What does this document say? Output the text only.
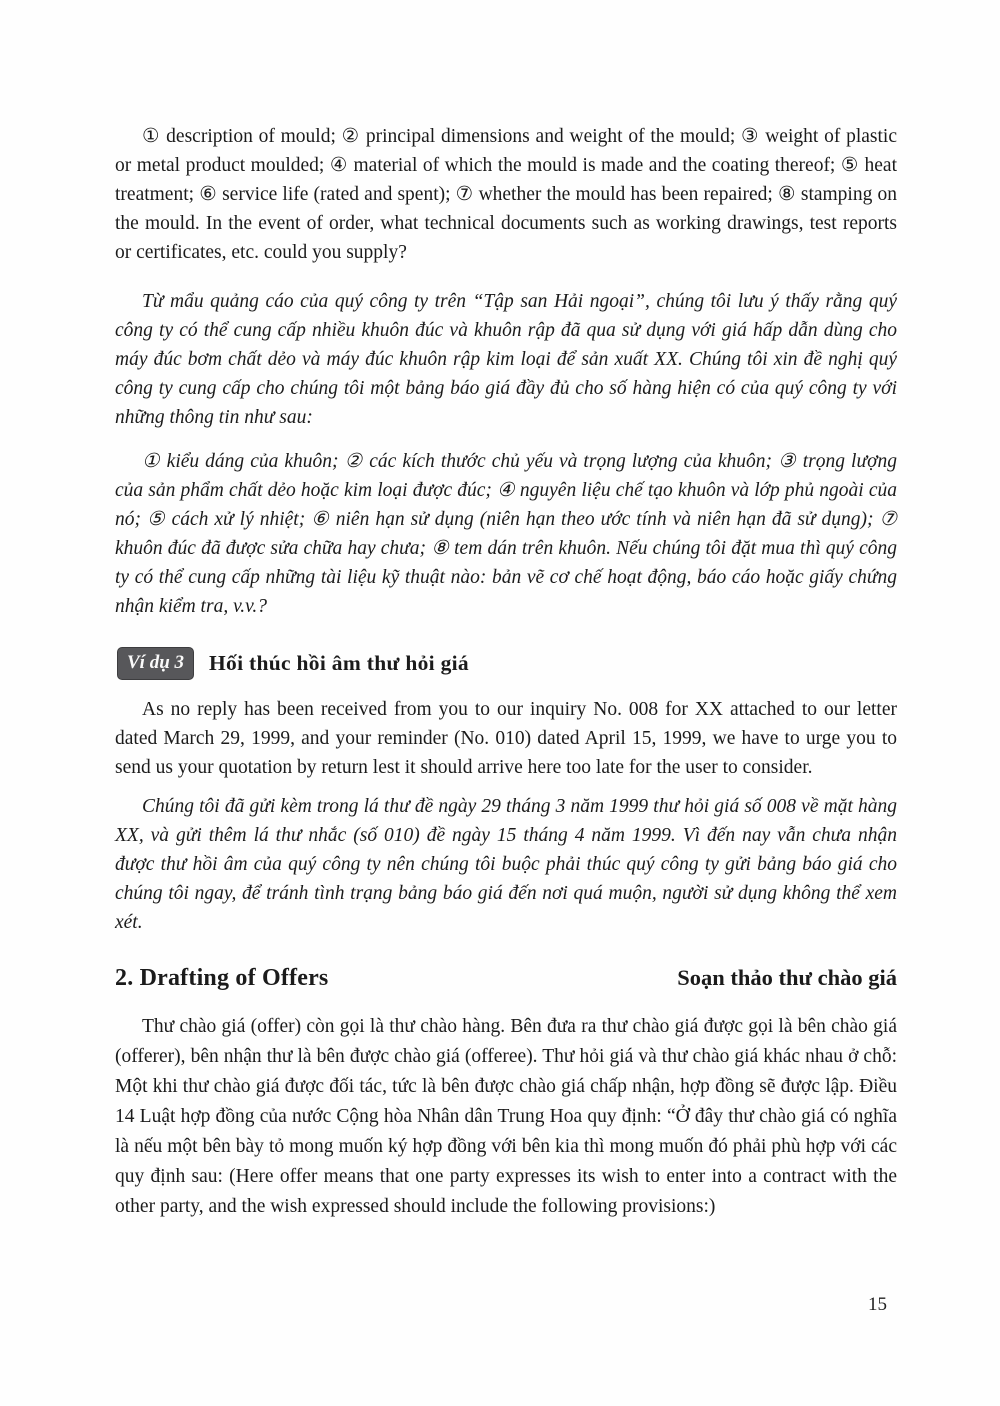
① description of mould; ② principal dimensions and weight of the mould; ③ weight of plastic or metal product moulded; ④ material of which the mould is made and the coating thereof; ⑤ heat treatment; ⑥ service life (rated and spent); ⑦ whether the mould has been repaired; ⑧ stamping on the mould. In the event of order, what technical documents such as working drawings, test reports or certificates, etc. could you supply?

Từ mẩu quảng cáo của quý công ty trên “Tập san Hải ngoại”, chúng tôi lưu ý thấy rằng quý công ty có thể cung cấp nhiều khuôn đúc và khuôn rập đã qua sử dụng với giá hấp dẫn dùng cho máy đúc bơm chất dẻo và máy đúc khuôn rập kim loại để sản xuất XX. Chúng tôi xin đề nghị quý công ty cung cấp cho chúng tôi một bảng báo giá đầy đủ cho số hàng hiện có của quý công ty với những thông tin như sau:

① kiểu dáng của khuôn; ② các kích thước chủ yếu và trọng lượng của khuôn; ③ trọng lượng của sản phẩm chất dẻo hoặc kim loại được đúc; ④ nguyên liệu chế tạo khuôn và lớp phủ ngoài của nó; ⑤ cách xử lý nhiệt; ⑥ niên hạn sử dụng (niên hạn theo ước tính và niên hạn đã sử dụng); ⑦ khuôn đúc đã được sửa chữa hay chưa; ⑧ tem dán trên khuôn. Nếu chúng tôi đặt mua thì quý công ty có thể cung cấp những tài liệu kỹ thuật nào: bản vẽ cơ chế hoạt động, báo cáo hoặc giấy chứng nhận kiểm tra, v.v.?

Ví dụ 3	Hối thúc hồi âm thư hỏi giá

As no reply has been received from you to our inquiry No. 008 for XX attached to our letter dated March 29, 1999, and your reminder (No. 010) dated April 15, 1999, we have to urge you to send us your quotation by return lest it should arrive here too late for the user to consider.

Chúng tôi đã gửi kèm trong lá thư đề ngày 29 tháng 3 năm 1999 thư hỏi giá số 008 về mặt hàng XX, và gửi thêm lá thư nhắc (số 010) đề ngày 15 tháng 4 năm 1999. Vì đến nay vẫn chưa nhận được thư hồi âm của quý công ty nên chúng tôi buộc phải thúc quý công ty gửi bảng báo giá cho chúng tôi ngay, để tránh tình trạng bảng báo giá đến nơi quá muộn, người sử dụng không thể xem xét.

2. Drafting of Offers	Soạn thảo thư chào giá

Thư chào giá (offer) còn gọi là thư chào hàng. Bên đưa ra thư chào giá được gọi là bên chào giá (offerer), bên nhận thư là bên được chào giá (offeree). Thư hỏi giá và thư chào giá khác nhau ở chỗ: Một khi thư chào giá được đối tác, tức là bên được chào giá chấp nhận, hợp đồng sẽ được lập. Điều 14 Luật hợp đồng của nước Cộng hòa Nhân dân Trung Hoa quy định: “Ở đây thư chào giá có nghĩa là nếu một bên bày tỏ mong muốn ký hợp đồng với bên kia thì mong muốn đó phải phù hợp với các quy định sau: (Here offer means that one party expresses its wish to enter into a contract with the other party, and the wish expressed should include the following provisions:)

15
